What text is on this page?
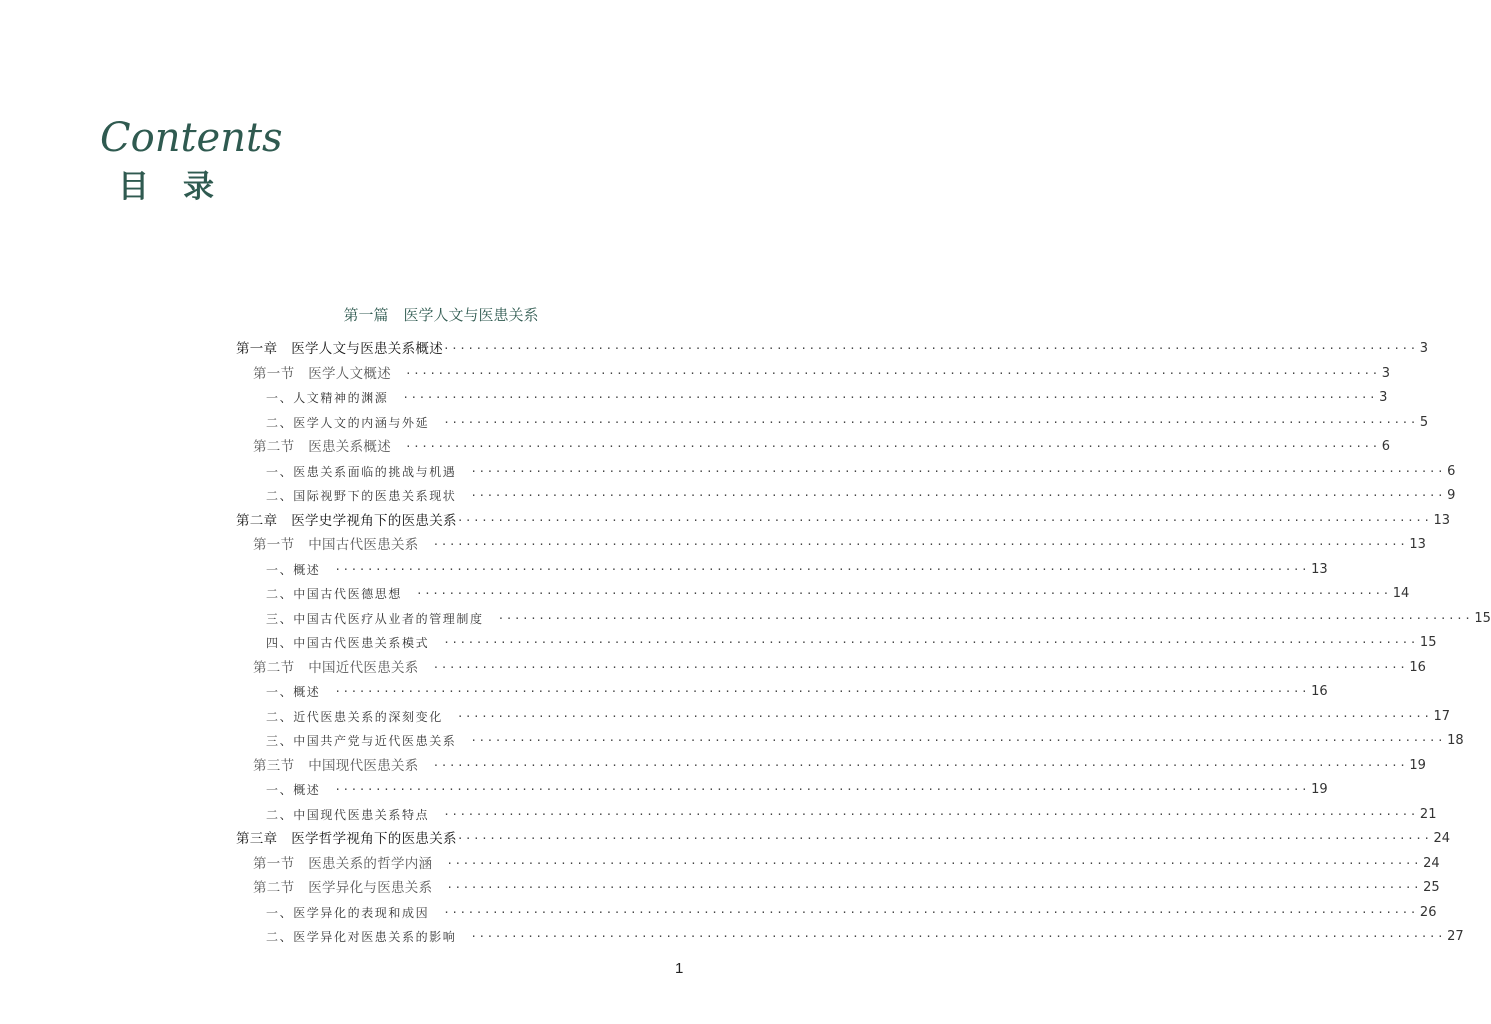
Contents
目录
第一篇　医学人文与医患关系
第一章　医学人文与医患关系概述 ························································································································ 3
第一节　医学人文概述 ························································································································ 3
一、人文精神的渊源 ························································································································ 3
二、医学人文的内涵与外延 ························································································································ 5
第二节　医患关系概述 ························································································································ 6
一、医患关系面临的挑战与机遇 ························································································································ 6
二、国际视野下的医患关系现状 ························································································································ 9
第二章　医学史学视角下的医患关系 ························································································································ 13
第一节　中国古代医患关系 ························································································································ 13
一、概述 ························································································································ 13
二、中国古代医德思想 ························································································································ 14
三、中国古代医疗从业者的管理制度 ························································································································ 15
四、中国古代医患关系模式 ························································································································ 15
第二节　中国近代医患关系 ························································································································ 16
一、概述 ························································································································ 16
二、近代医患关系的深刻变化 ························································································································ 17
三、中国共产党与近代医患关系 ························································································································ 18
第三节　中国现代医患关系 ························································································································ 19
一、概述 ························································································································ 19
二、中国现代医患关系特点 ························································································································ 21
第三章　医学哲学视角下的医患关系 ························································································································ 24
第一节　医患关系的哲学内涵 ························································································································ 24
第二节　医学异化与医患关系 ························································································································ 25
一、医学异化的表现和成因 ························································································································ 26
二、医学异化对医患关系的影响 ························································································································ 27
1
